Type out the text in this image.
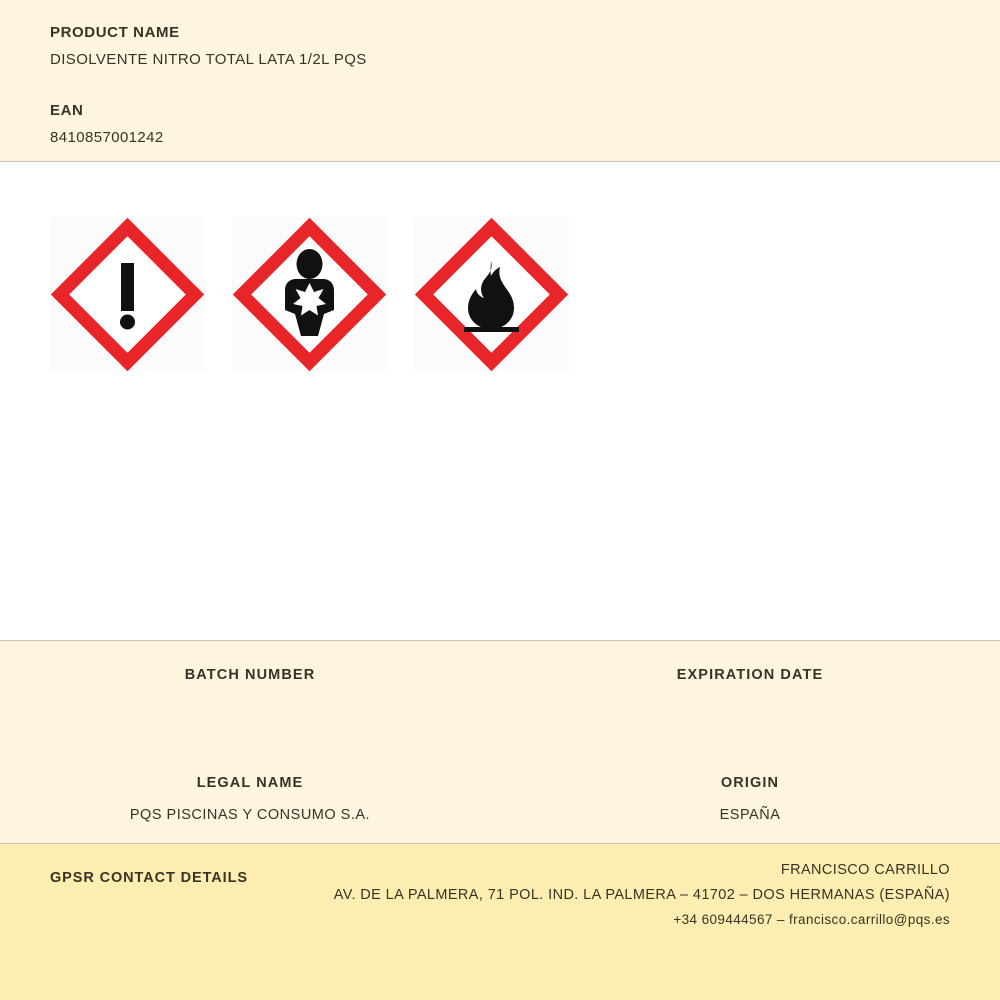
PRODUCT NAME

DISOLVENTE NITRO TOTAL LATA 1/2L PQS

EAN

8410857001242

BATCH NUMBER	EXPIRATION DATE

LEGAL NAME

PQS PISCINAS Y CONSUMO S.A.

ORIGIN

ESPAÑA

GPSR CONTACT DETAILS	FRANCISCO CARRILLO

AV. DE LA PALMERA, 71 POL. IND. LA PALMERA – 41702 – DOS HERMANAS (ESPAÑA)

+34 609444567 – francisco.carrillo@pqs.es
